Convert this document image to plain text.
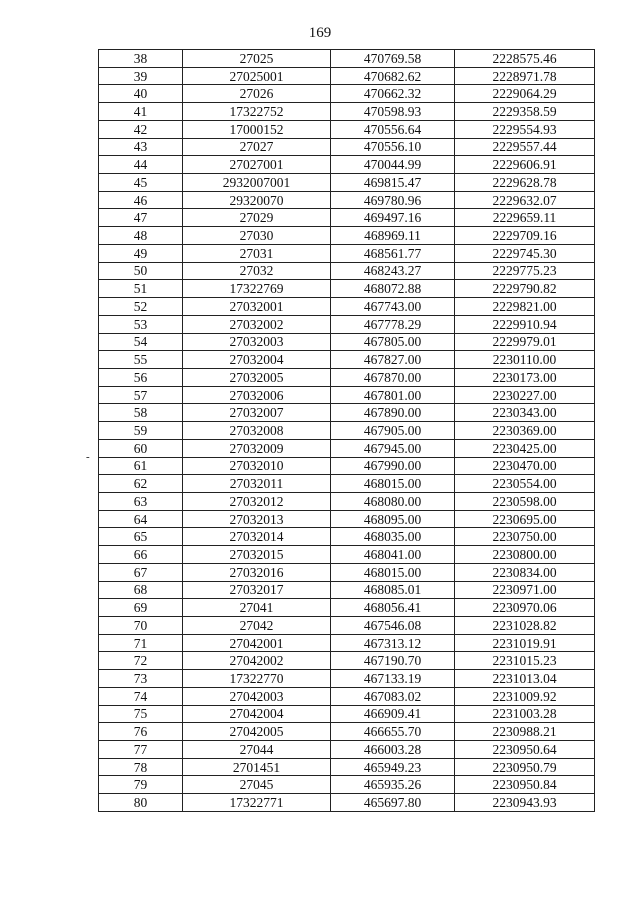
169
-
38	27025	470769.58	2228575.46
39	27025001	470682.62	2228971.78
40	27026	470662.32	2229064.29
41	17322752	470598.93	2229358.59
42	17000152	470556.64	2229554.93
43	27027	470556.10	2229557.44
44	27027001	470044.99	2229606.91
45	2932007001	469815.47	2229628.78
46	29320070	469780.96	2229632.07
47	27029	469497.16	2229659.11
48	27030	468969.11	2229709.16
49	27031	468561.77	2229745.30
50	27032	468243.27	2229775.23
51	17322769	468072.88	2229790.82
52	27032001	467743.00	2229821.00
53	27032002	467778.29	2229910.94
54	27032003	467805.00	2229979.01
55	27032004	467827.00	2230110.00
56	27032005	467870.00	2230173.00
57	27032006	467801.00	2230227.00
58	27032007	467890.00	2230343.00
59	27032008	467905.00	2230369.00
60	27032009	467945.00	2230425.00
61	27032010	467990.00	2230470.00
62	27032011	468015.00	2230554.00
63	27032012	468080.00	2230598.00
64	27032013	468095.00	2230695.00
65	27032014	468035.00	2230750.00
66	27032015	468041.00	2230800.00
67	27032016	468015.00	2230834.00
68	27032017	468085.01	2230971.00
69	27041	468056.41	2230970.06
70	27042	467546.08	2231028.82
71	27042001	467313.12	2231019.91
72	27042002	467190.70	2231015.23
73	17322770	467133.19	2231013.04
74	27042003	467083.02	2231009.92
75	27042004	466909.41	2231003.28
76	27042005	466655.70	2230988.21
77	27044	466003.28	2230950.64
78	2701451	465949.23	2230950.79
79	27045	465935.26	2230950.84
80	17322771	465697.80	2230943.93
